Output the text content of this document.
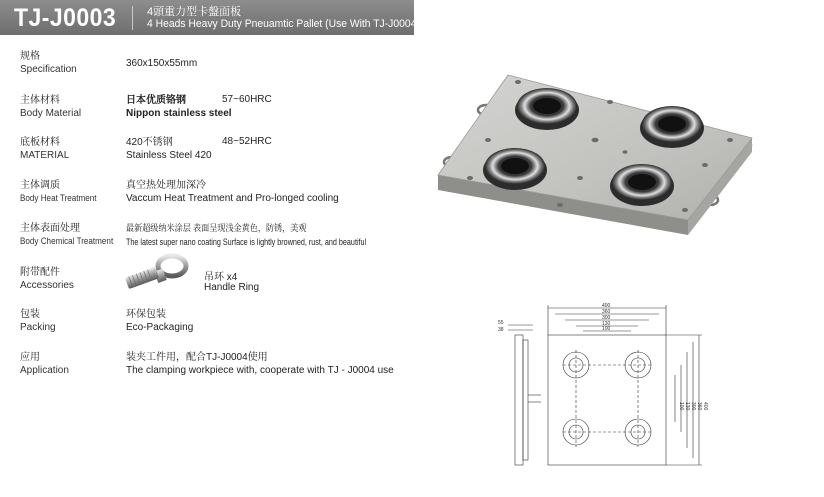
TJ-J0003	4頭重力型卡盤面板
4 Heads Heavy Duty Pneuamtic Pallet (Use With TJ-J0004)
规格
Specification
360x150x55mm
主体材料
Body Material
日本优质铬钢	57~60HRC
Nippon stainless steel
底板材料
MATERIAL
420不锈钢	48~52HRC
Stainless Steel 420
主体调质
Body Heat Treatment
真空热处理加深冷
Vaccum Heat Treatment and Pro-longed cooling
主体表面处理
Body Chemical Treatment
最新超级纳米涂层 表面呈现浅金黄色，防锈，美观
The latest super nano coating Surface is lightly browned, rust, and beautiful
附带配件
Accessories
吊环 x4
Handle Ring
包装
Packing
环保包装
Eco-Packaging
应用
Application
装夹工件用，配合TJ-J0004使用
The clamping workpiece with, cooperate with TJ - J0004 use
400
360
300
130
100
55
38
400
360
300
130
100
